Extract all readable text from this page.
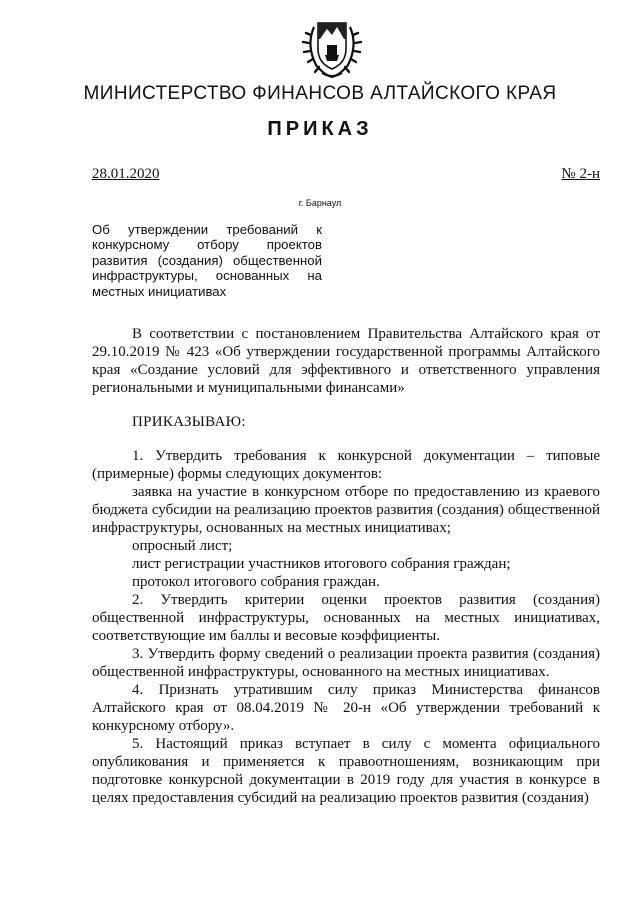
МИНИСТЕРСТВО ФИНАНСОВ АЛТАЙСКОГО КРАЯ
ПРИКАЗ
28.01.2020	№ 2-н
г. Барнаул
Об утверждении требований к конкурсному отбору проектов развития (создания) общественной инфраструктуры, основанных на местных инициативах

В соответствии с постановлением Правительства Алтайского края от 29.10.2019 № 423 «Об утверждении государственной программы Алтайского края «Создание условий для эффективного и ответственного управления региональными и муниципальными финансами»

ПРИКАЗЫВАЮ:

1. Утвердить требования к конкурсной документации – типовые (примерные) формы следующих документов:

заявка на участие в конкурсном отборе по предоставлению из краевого бюджета субсидии на реализацию проектов развития (создания) общественной инфраструктуры, основанных на местных инициативах;

опросный лист;

лист регистрации участников итогового собрания граждан;

протокол итогового собрания граждан.

2. Утвердить критерии оценки проектов развития (создания) общественной инфраструктуры, основанных на местных инициативах, соответствующие им баллы и весовые коэффициенты.

3. Утвердить форму сведений о реализации проекта развития (создания) общественной инфраструктуры, основанного на местных инициативах.

4. Признать утратившим силу приказ Министерства финансов Алтайского края от 08.04.2019 № 20-н «Об утверждении требований к конкурсному отбору».

5. Настоящий приказ вступает в силу с момента официального опубликования и применяется к правоотношениям, возникающим при подготовке конкурсной документации в 2019 году для участия в конкурсе в целях предоставления субсидий на реализацию проектов развития (создания)
